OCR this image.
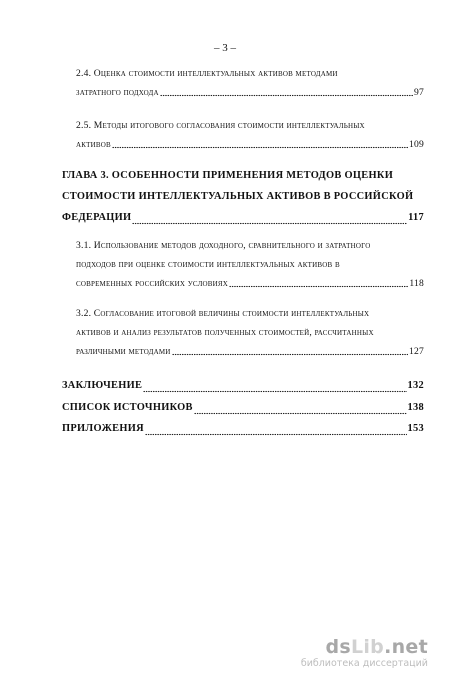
– 3 –
2.4. Оценка стоимости интеллектуальных активов методами
затратного подхода	97
2.5. Методы итогового согласования стоимости интеллектуальных
активов	109
ГЛАВА 3. ОСОБЕННОСТИ ПРИМЕНЕНИЯ МЕТОДОВ ОЦЕНКИ
СТОИМОСТИ ИНТЕЛЛЕКТУАЛЬНЫХ АКТИВОВ В РОССИЙСКОЙ
ФЕДЕРАЦИИ	117
3.1. Использование методов доходного, сравнительного и затратного
подходов при оценке стоимости интеллектуальных активов в
современных российских условиях	118
3.2. Согласование итоговой величины стоимости интеллектуальных
активов и анализ результатов полученных стоимостей, рассчитанных
различными методами	127
ЗАКЛЮЧЕНИЕ	132
СПИСОК ИСТОЧНИКОВ	138
ПРИЛОЖЕНИЯ	153
dsLib.net
библиотека диссертаций
